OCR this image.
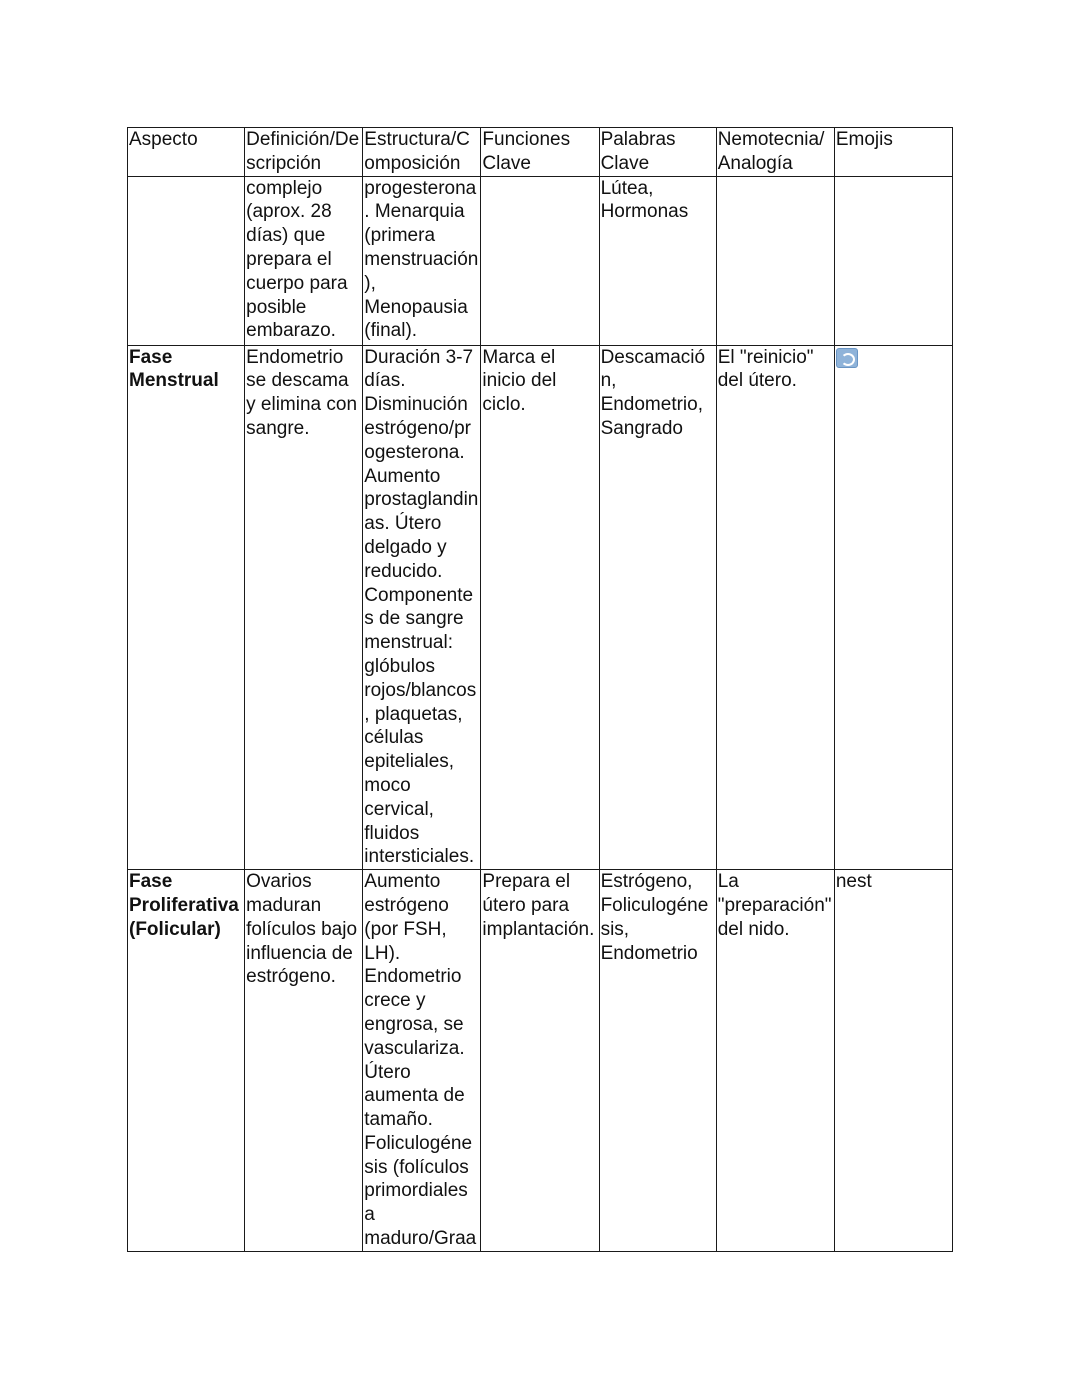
Aspecto	Definición/Descripción	Estructura/Composición	Funciones Clave	Palabras Clave	Nemotecnia/ Analogía	Emojis
	complejo (aprox. 28 días) que prepara el cuerpo para posible embarazo.	progesterona. Menarquia (primera menstruación), Menopausia (final).		Lútea, Hormonas		
Fase Menstrual	Endometrio se descama y elimina con sangre.	Duración 3-7 días. Disminución estrógeno/progesterona. Aumento prostaglandinas. Útero delgado y reducido. Componentes de sangre menstrual: glóbulos rojos/blancos, plaquetas, células epiteliales, moco cervical, fluidos intersticiales.	Marca el inicio del ciclo.	Descamación, Endometrio, Sangrado	El "reinicio" del útero.	
Fase Proliferativa (Folicular)	Ovarios maduran folículos bajo influencia de estrógeno.	Aumento estrógeno (por FSH, LH). Endometrio crece y engrosa, se vasculariza. Útero aumenta de tamaño. Foliculogénesis (folículos primordiales a maduro/Graa	Prepara el útero para implantación.	Estrógeno, Foliculogénesis, Endometrio	La "preparación" del nido.	nest
